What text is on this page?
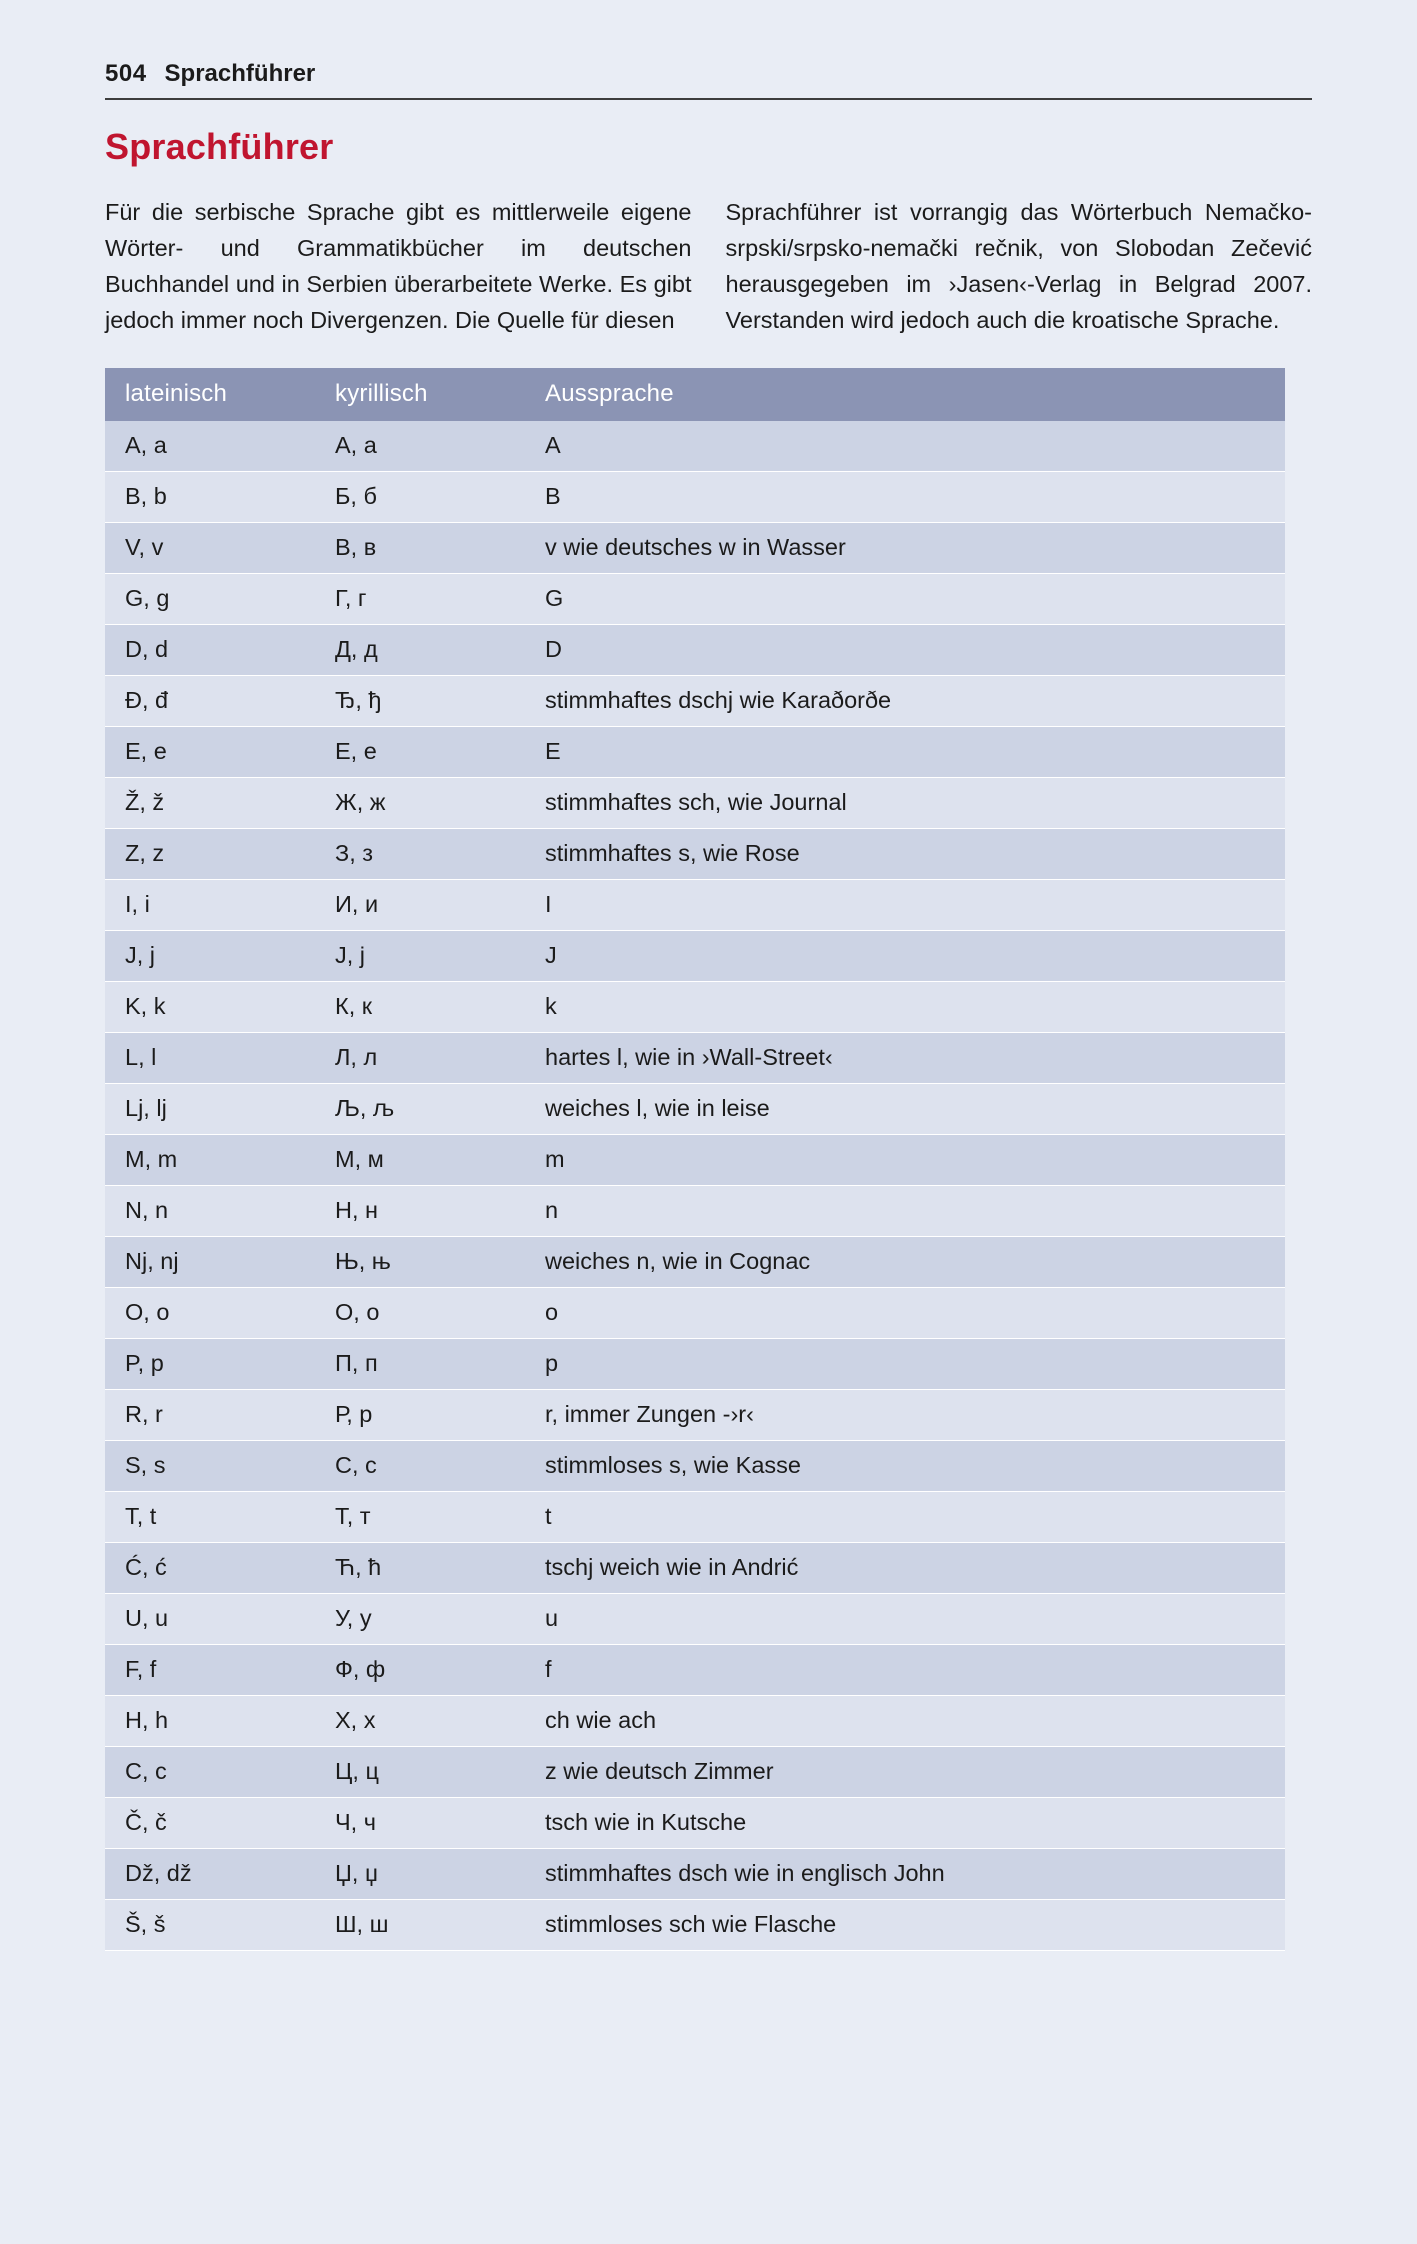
504 Sprachführer
Sprachführer

Für die serbische Sprache gibt es mittlerweile eigene Wörter- und Grammatikbücher im deutschen Buchhandel und in Serbien überarbeitete Werke. Es gibt jedoch immer noch Divergenzen. Die Quelle für diesen

Sprachführer ist vorrangig das Wörterbuch Nemačko-srpski/srpsko-nemački rečnik, von Slobodan Zečević herausgegeben im ›Jasen‹-Verlag in Belgrad 2007. Verstanden wird jedoch auch die kroatische Sprache.

lateinisch	kyrillisch	Aussprache
A, a	А, а	A
B, b	Б, б	B
V, v	В, в	v wie deutsches w in Wasser
G, g	Г, г	G
D, d	Д, д	D
Đ, đ	Ђ, ђ	stimmhaftes dschj wie Karaðorðe
E, e	Е, е	E
Ž, ž	Ж, ж	stimmhaftes sch, wie Journal
Z, z	З, з	stimmhaftes s, wie Rose
I, i	И, и	I
J, j	Ј, ј	J
K, k	К, к	k
L, l	Л, л	hartes l, wie in ›Wall-Street‹
Lj, lj	Љ, љ	weiches l, wie in leise
M, m	М, м	m
N, n	Н, н	n
Nj, nj	Њ, њ	weiches n, wie in Cognac
O, o	О, о	o
P, p	П, п	p
R, r	Р, р	r, immer Zungen -›r‹
S, s	С, с	stimmloses s, wie Kasse
T, t	Т, т	t
Ć, ć	Ћ, ћ	tschj weich wie in Andrić
U, u	У, у	u
F, f	Ф, ф	f
H, h	Х, х	ch wie ach
C, c	Ц, ц	z wie deutsch Zimmer
Č, č	Ч, ч	tsch wie in Kutsche
Dž, dž	Џ, џ	stimmhaftes dsch wie in englisch John
Š, š	Ш, ш	stimmloses sch wie Flasche
